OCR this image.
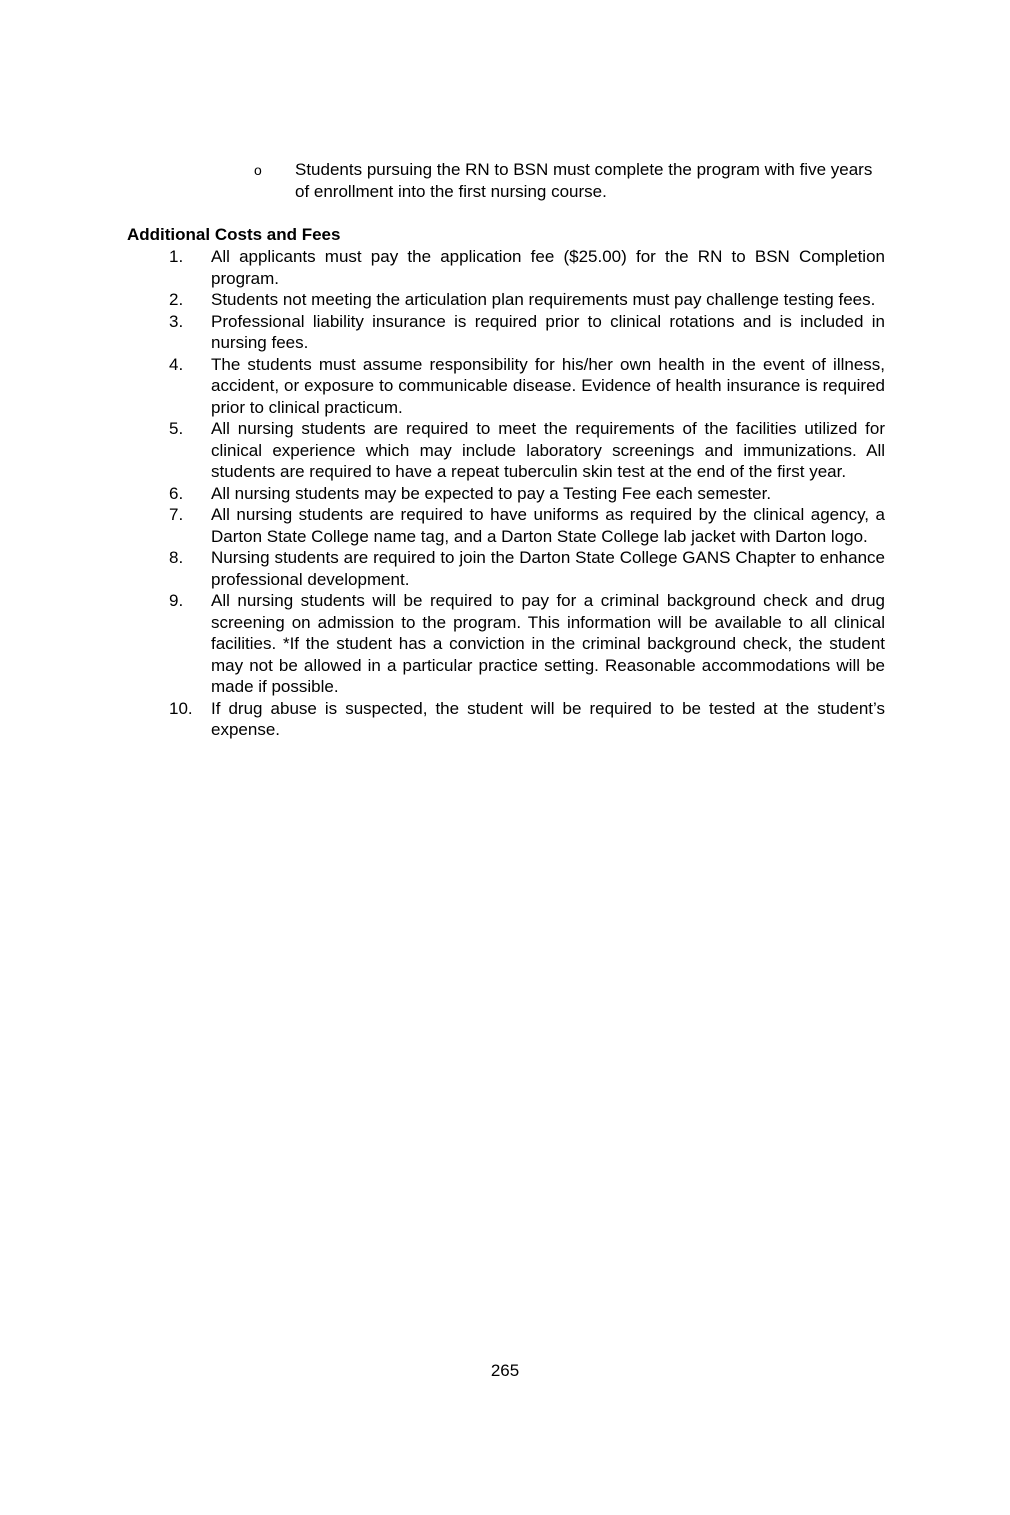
o	Students pursuing the RN to BSN must complete the program with five years of enrollment into the first nursing course.
Additional Costs and Fees
1.	All applicants must pay the application fee ($25.00) for the RN to BSN Completion program.
2.	Students not meeting the articulation plan requirements must pay challenge testing fees.
3.	Professional liability insurance is required prior to clinical rotations and is included in nursing fees.
4.	The students must assume responsibility for his/her own health in the event of illness, accident, or exposure to communicable disease. Evidence of health insurance is required prior to clinical practicum.
5.	All nursing students are required to meet the requirements of the facilities utilized for clinical experience which may include laboratory screenings and immunizations. All students are required to have a repeat tuberculin skin test at the end of the first year.
6.	All nursing students may be expected to pay a Testing Fee each semester.
7.	All nursing students are required to have uniforms as required by the clinical agency, a Darton State College name tag, and a Darton State College lab jacket with Darton logo.
8.	Nursing students are required to join the Darton State College GANS Chapter to enhance professional development.
9.	All nursing students will be required to pay for a criminal background check and drug screening on admission to the program. This information will be available to all clinical facilities. *If the student has a conviction in the criminal background check, the student may not be allowed in a particular practice setting. Reasonable accommodations will be made if possible.
10.	If drug abuse is suspected, the student will be required to be tested at the student’s expense.
265
